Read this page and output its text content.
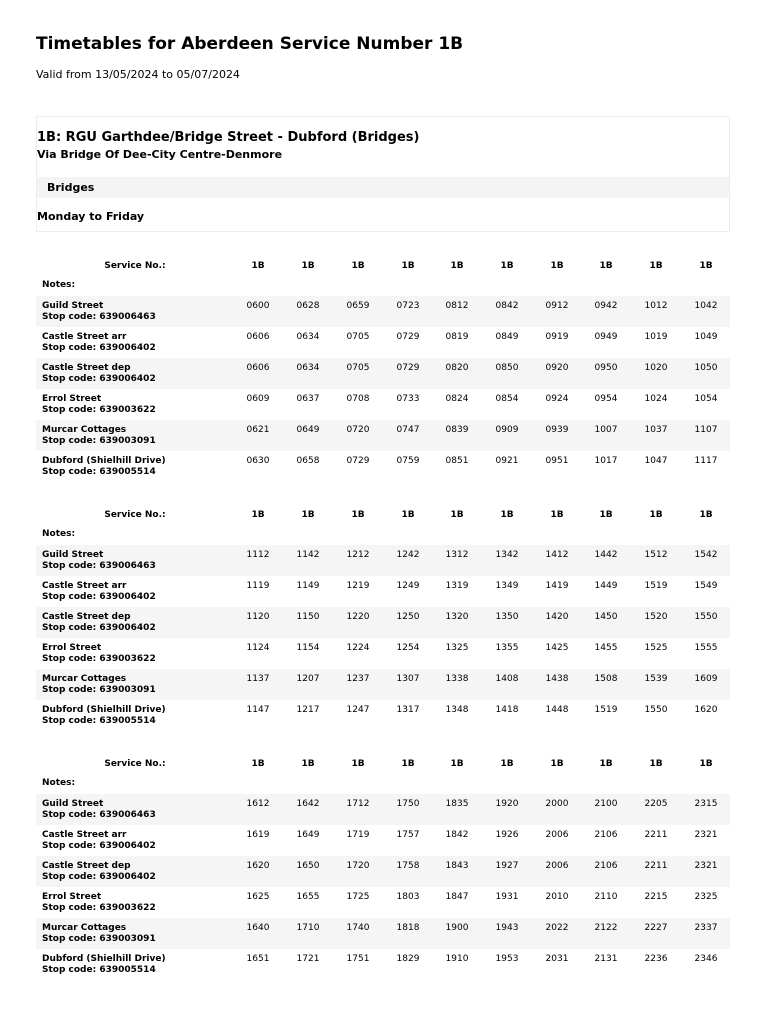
Timetables for Aberdeen Service Number 1B
Valid from 13/05/2024 to 05/07/2024
1B: RGU Garthdee/Bridge Street - Dubford (Bridges)
Via Bridge Of Dee-City Centre-Denmore
Bridges
Monday to Friday
Service No.:	1B	1B	1B	1B	1B	1B	1B	1B	1B	1B
Notes:
Guild Street
Stop code: 639006463
0600	0628	0659	0723	0812	0842	0912	0942	1012	1042
Castle Street arr
Stop code: 639006402
0606	0634	0705	0729	0819	0849	0919	0949	1019	1049
Castle Street dep
Stop code: 639006402
0606	0634	0705	0729	0820	0850	0920	0950	1020	1050
Errol Street
Stop code: 639003622
0609	0637	0708	0733	0824	0854	0924	0954	1024	1054
Murcar Cottages
Stop code: 639003091
0621	0649	0720	0747	0839	0909	0939	1007	1037	1107
Dubford (Shielhill Drive)
Stop code: 639005514
0630	0658	0729	0759	0851	0921	0951	1017	1047	1117
Service No.:	1B	1B	1B	1B	1B	1B	1B	1B	1B	1B
Notes:
Guild Street
Stop code: 639006463
1112	1142	1212	1242	1312	1342	1412	1442	1512	1542
Castle Street arr
Stop code: 639006402
1119	1149	1219	1249	1319	1349	1419	1449	1519	1549
Castle Street dep
Stop code: 639006402
1120	1150	1220	1250	1320	1350	1420	1450	1520	1550
Errol Street
Stop code: 639003622
1124	1154	1224	1254	1325	1355	1425	1455	1525	1555
Murcar Cottages
Stop code: 639003091
1137	1207	1237	1307	1338	1408	1438	1508	1539	1609
Dubford (Shielhill Drive)
Stop code: 639005514
1147	1217	1247	1317	1348	1418	1448	1519	1550	1620
Service No.:	1B	1B	1B	1B	1B	1B	1B	1B	1B	1B
Notes:
Guild Street
Stop code: 639006463
1612	1642	1712	1750	1835	1920	2000	2100	2205	2315
Castle Street arr
Stop code: 639006402
1619	1649	1719	1757	1842	1926	2006	2106	2211	2321
Castle Street dep
Stop code: 639006402
1620	1650	1720	1758	1843	1927	2006	2106	2211	2321
Errol Street
Stop code: 639003622
1625	1655	1725	1803	1847	1931	2010	2110	2215	2325
Murcar Cottages
Stop code: 639003091
1640	1710	1740	1818	1900	1943	2022	2122	2227	2337
Dubford (Shielhill Drive)
Stop code: 639005514
1651	1721	1751	1829	1910	1953	2031	2131	2236	2346
